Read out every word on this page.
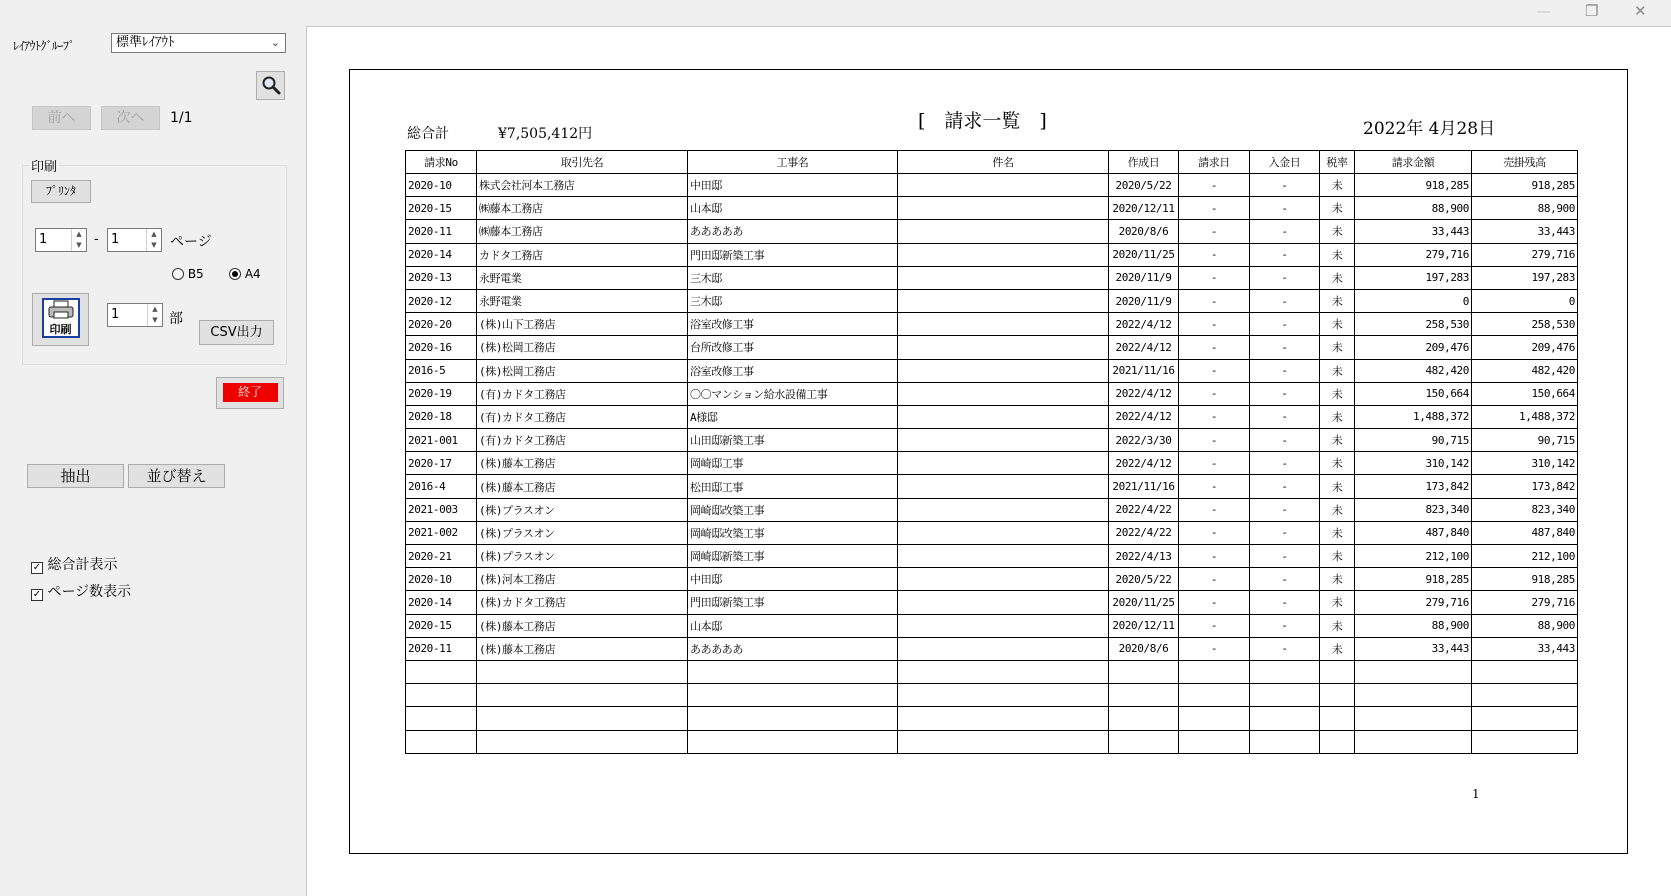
— ❐ ✕
ﾚｲｱｳﾄｸﾞﾙｰﾌﾟ	標準ﾚｲｱｳﾄ	⌄
前へ	次へ	1/1
印刷
ﾌﾟﾘﾝﾀ
1	▲
▼ - 1	▲
▼ ページ
B5	A4
印刷
1	▲
▼ 部
CSV出力
終了
抽出	並び替え
✓ 総合計表示
✓ ページ数表示
総合計	¥7,505,412円
[　請求一覧　]	2022年 4月28日
請求No	取引先名	工事名	件名	作成日	請求日	入金日	税率	請求金額	売掛残高
2020-10	株式会社河本工務店	中田邸		2020/5/22	-	-	未	918,285	918,285
2020-15	㈱藤本工務店	山本邸		2020/12/11	-	-	未	88,900	88,900
2020-11	㈱藤本工務店	あああああ		2020/8/6	-	-	未	33,443	33,443
2020-14	カドタ工務店	門田邸新築工事		2020/11/25	-	-	未	279,716	279,716
2020-13	永野電業	三木邸		2020/11/9	-	-	未	197,283	197,283
2020-12	永野電業	三木邸		2020/11/9	-	-	未	0	0
2020-20	(株)山下工務店	浴室改修工事		2022/4/12	-	-	未	258,530	258,530
2020-16	(株)松岡工務店	台所改修工事		2022/4/12	-	-	未	209,476	209,476
2016-5	(株)松岡工務店	浴室改修工事		2021/11/16	-	-	未	482,420	482,420
2020-19	(有)カドタ工務店	〇〇マンション給水設備工事		2022/4/12	-	-	未	150,664	150,664
2020-18	(有)カドタ工務店	A様邸		2022/4/12	-	-	未	1,488,372	1,488,372
2021-001	(有)カドタ工務店	山田邸新築工事		2022/3/30	-	-	未	90,715	90,715
2020-17	(株)藤本工務店	岡崎邸工事		2022/4/12	-	-	未	310,142	310,142
2016-4	(株)藤本工務店	松田邸工事		2021/11/16	-	-	未	173,842	173,842
2021-003	(株)プラスオン	岡崎邸改築工事		2022/4/22	-	-	未	823,340	823,340
2021-002	(株)プラスオン	岡崎邸改築工事		2022/4/22	-	-	未	487,840	487,840
2020-21	(株)プラスオン	岡崎邸新築工事		2022/4/13	-	-	未	212,100	212,100
2020-10	(株)河本工務店	中田邸		2020/5/22	-	-	未	918,285	918,285
2020-14	(株)カドタ工務店	門田邸新築工事		2020/11/25	-	-	未	279,716	279,716
2020-15	(株)藤本工務店	山本邸		2020/12/11	-	-	未	88,900	88,900
2020-11	(株)藤本工務店	あああああ		2020/8/6	-	-	未	33,443	33,443

1
